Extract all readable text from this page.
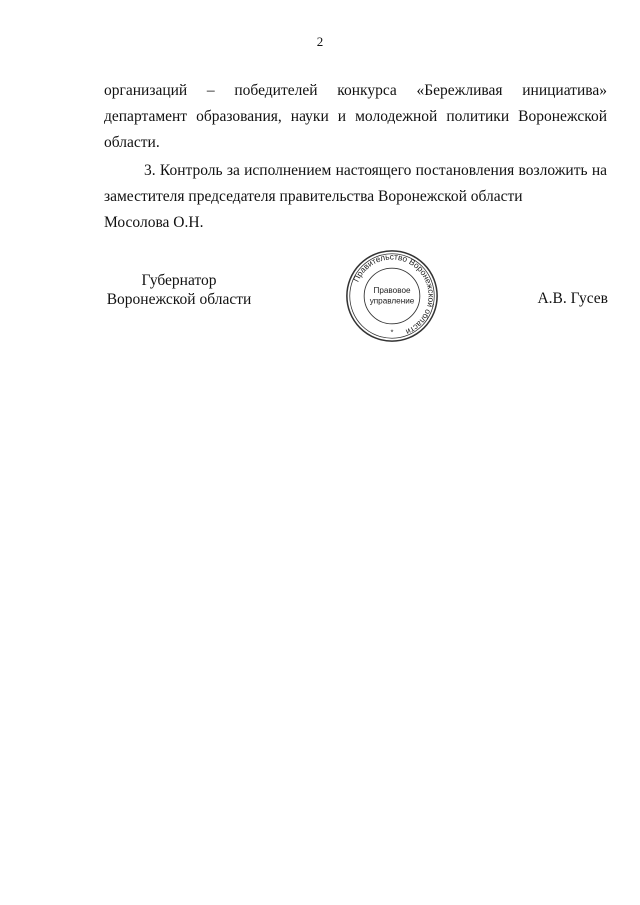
2

организаций – победителей конкурса «Бережливая инициатива» департамент образования, науки и молодежной политики Воронежской области.

3. Контроль за исполнением настоящего постановления возложить на заместителя председателя правительства Воронежской области

Мосолова О.Н.

Губернатор
Воронежской области
Правительство Воронежской области
Правовое
управление
*
А.В. Гусев
